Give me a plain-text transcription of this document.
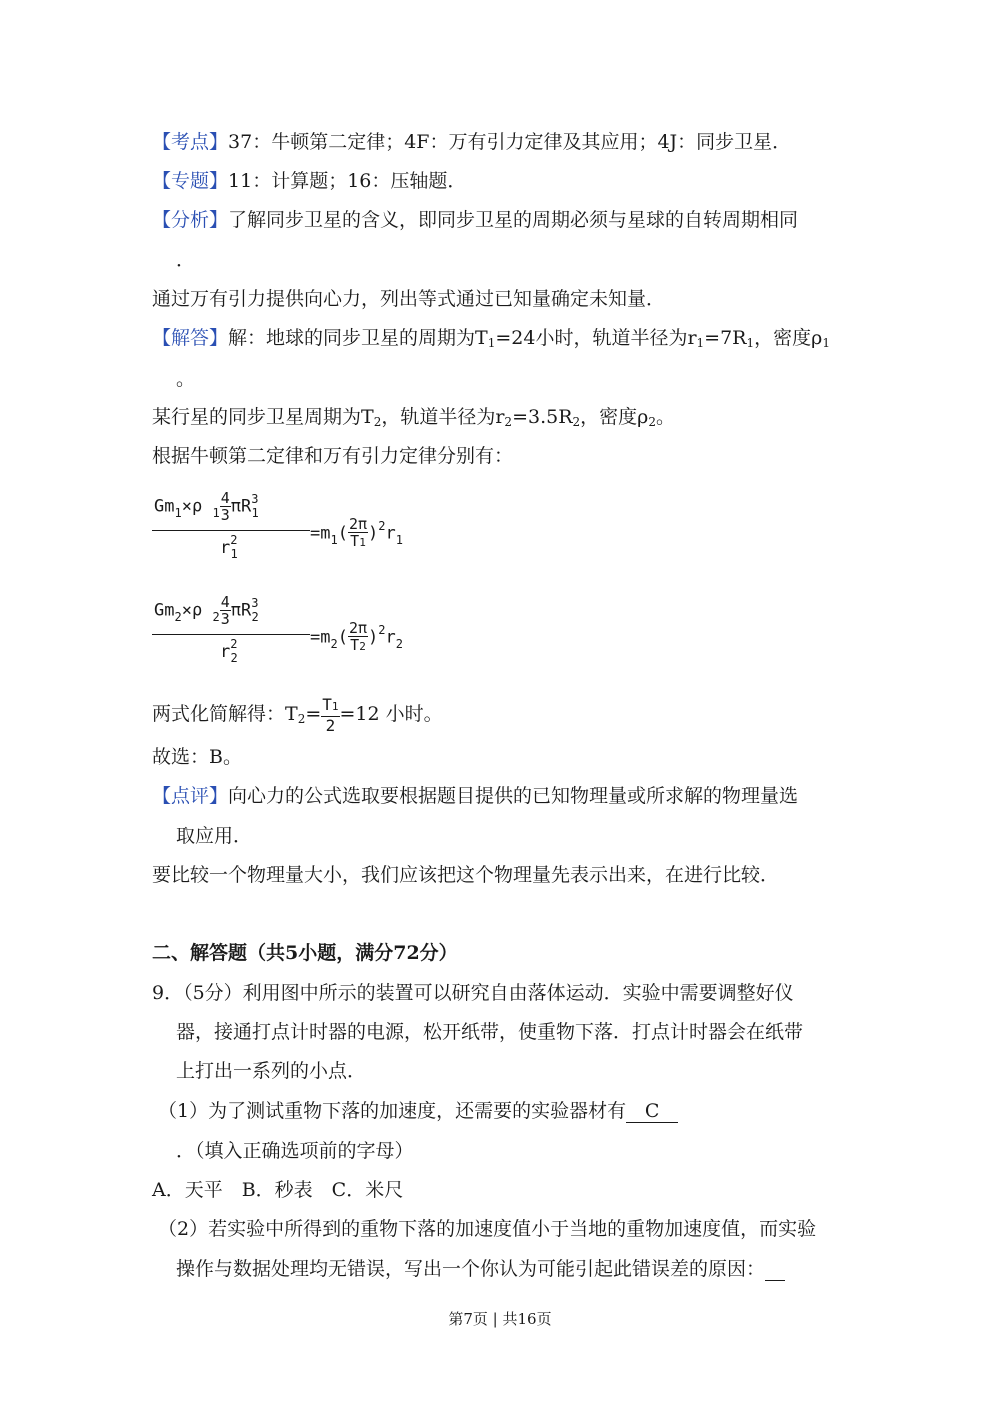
【考点】37：牛顿第二定律；4F：万有引力定律及其应用；4J：同步卫星．
【专题】11：计算题；16：压轴题．
【分析】了解同步卫星的含义，即同步卫星的周期必须与星球的自转周期相同
．
通过万有引力提供向心力，列出等式通过已知量确定未知量．
【解答】解：地球的同步卫星的周期为$T_1=24$小时，轨道半径为$r_1=7R_1$，密度$\rho_1$
。
某行星的同步卫星周期为$T_2$，轨道半径为$r_2=3.5R_2$，密度$\rho_2$。
根据牛顿第二定律和万有引力定律分别有：
$Gm_1\times\rho$ $_1 \frac{4}{3} \pi R^3_1$
$r^2_1$
$=m_1( \frac{2\pi}{T1} )^2r_1$
$Gm_2\times\rho$ $_2 \frac{4}{3} \pi R^3_2$
$r^2_2$
$=m_2( \frac{2\pi}{T2} )^2r_2$
两式化简解得：$T_2= \frac{T1}{2} =12$ 小时。
故选：B。
【点评】向心力的公式选取要根据题目提供的已知物理量或所求解的物理量选
取应用．
要比较一个物理量大小，我们应该把这个物理量先表示出来，在进行比较．
二、解答题（共5小题，满分72分）
9．（5分）利用图中所示的装置可以研究自由落体运动．实验中需要调整好仪
器，接通打点计时器的电源，松开纸带，使重物下落．打点计时器会在纸带
上打出一系列的小点．
（1）为了测试重物下落的加速度，还需要的实验器材有 C
．（填入正确选项前的字母）
A．天平　B．秒表　C．米尺
（2）若实验中所得到的重物下落的加速度值小于当地的重物加速度值，而实验
操作与数据处理均无错误，写出一个你认为可能引起此错误差的原因：
第7页 | 共16页
